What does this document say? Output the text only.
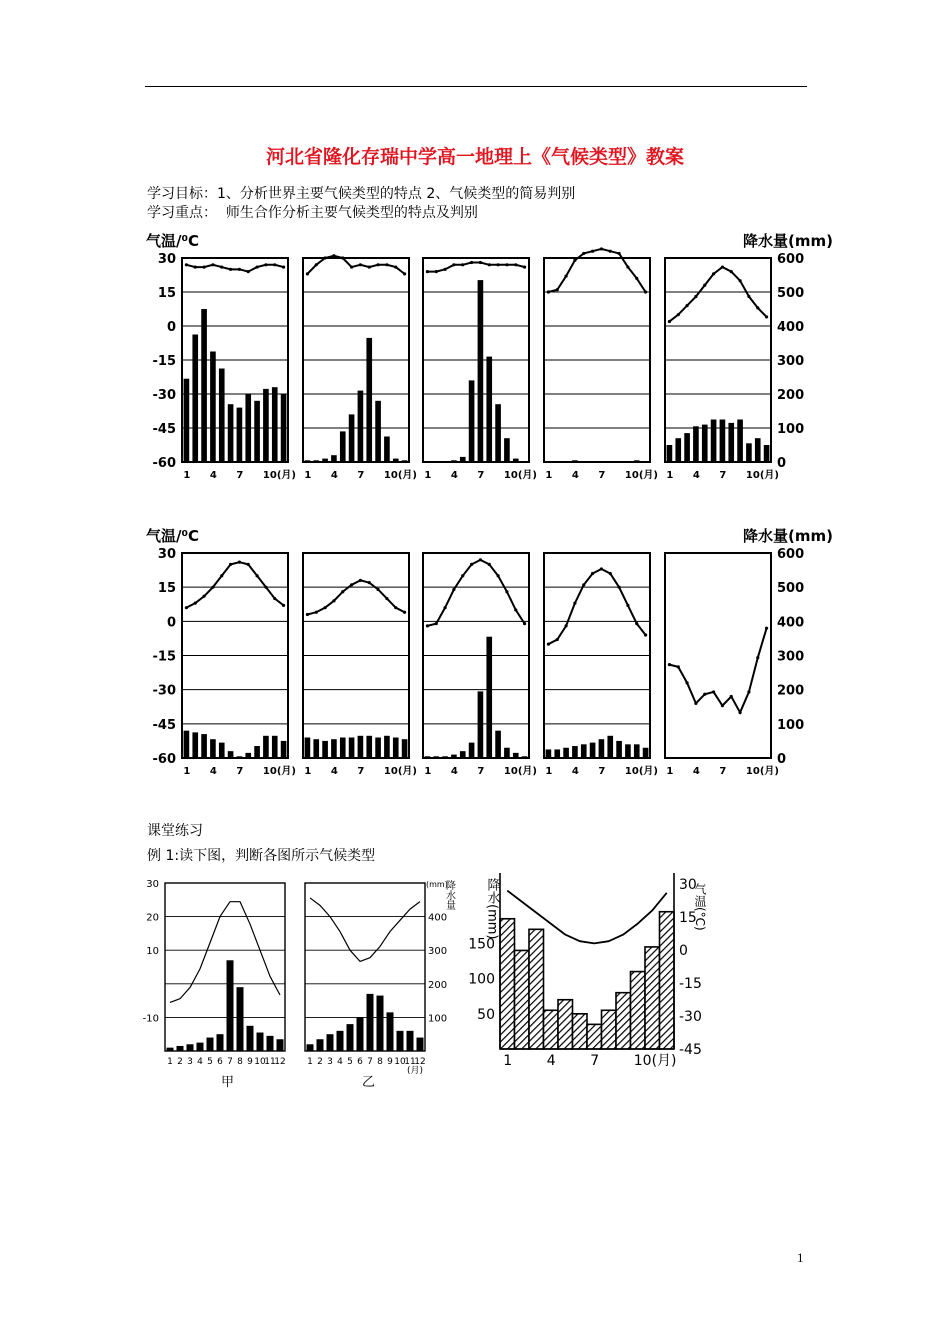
河北省隆化存瑞中学高一地理上《气候类型》教案
学习目标：1、分析世界主要气候类型的特点 2、气候类型的简易判别
学习重点： 师生合作分析主要气候类型的特点及判别
气温/⁰C	降水量(mm)
30
15
0
-15
-30
-45
-60
600
500
400
300
200
100
0
1 4 7 10(月) 1 4 7 10(月) 1 4 7 10(月) 1 4 7 10(月) 1 4 7 10(月)
气温/⁰C	降水量(mm)
30
15
0
-15
-30
-45
-60
600
500
400
300
200
100
0
1 4 7 10(月) 1 4 7 10(月) 1 4 7 10(月) 1 4 7 10(月) 1 4 7 10(月)
课堂练习
例 1:读下图，判断各图所示气候类型
1 2 3 4 5 6 7 8 9 10
11
12
30
20
10
-10
1 2 3 4 5 6 7 8 9 10
11
12
400
300
200
100
(mm)
降水量
(月)
150
100
50
30
15
0
-15
-30
-45
降水(mm)	气温(°C)
1 4 7 10(月)
甲	乙
1
